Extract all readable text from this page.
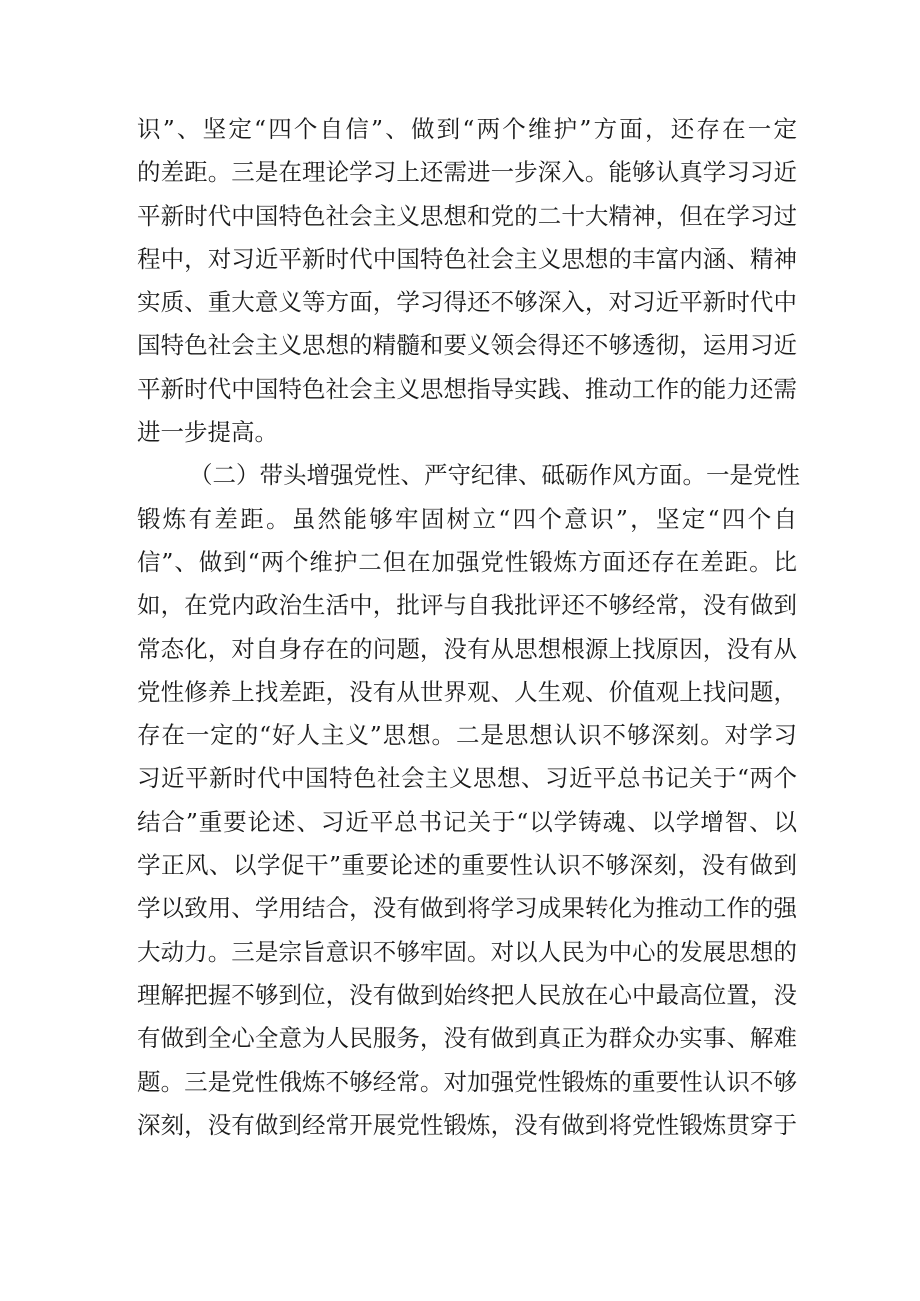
识”、坚定“四个自信”、做到“两个维护”方面，还存在一定
的差距。三是在理论学习上还需进一步深入。能够认真学习习近
平新时代中国特色社会主义思想和党的二十大精神，但在学习过
程中，对习近平新时代中国特色社会主义思想的丰富内涵、精神
实质、重大意义等方面，学习得还不够深入，对习近平新时代中
国特色社会主义思想的精髓和要义领会得还不够透彻，运用习近
平新时代中国特色社会主义思想指导实践、推动工作的能力还需
进一步提高。
（二）带头增强党性、严守纪律、砥砺作风方面。一是党性
锻炼有差距。虽然能够牢固树立“四个意识”，坚定“四个自
信”、做到“两个维护二但在加强党性锻炼方面还存在差距。比
如，在党内政治生活中，批评与自我批评还不够经常，没有做到
常态化，对自身存在的问题，没有从思想根源上找原因，没有从
党性修养上找差距，没有从世界观、人生观、价值观上找问题，
存在一定的“好人主义”思想。二是思想认识不够深刻。对学习
习近平新时代中国特色社会主义思想、习近平总书记关于“两个
结合”重要论述、习近平总书记关于“以学铸魂、以学增智、以
学正风、以学促干”重要论述的重要性认识不够深刻，没有做到
学以致用、学用结合，没有做到将学习成果转化为推动工作的强
大动力。三是宗旨意识不够牢固。对以人民为中心的发展思想的
理解把握不够到位，没有做到始终把人民放在心中最高位置，没
有做到全心全意为人民服务，没有做到真正为群众办实事、解难
题。三是党性俄炼不够经常。对加强党性锻炼的重要性认识不够
深刻，没有做到经常开展党性锻炼，没有做到将党性锻炼贯穿于
